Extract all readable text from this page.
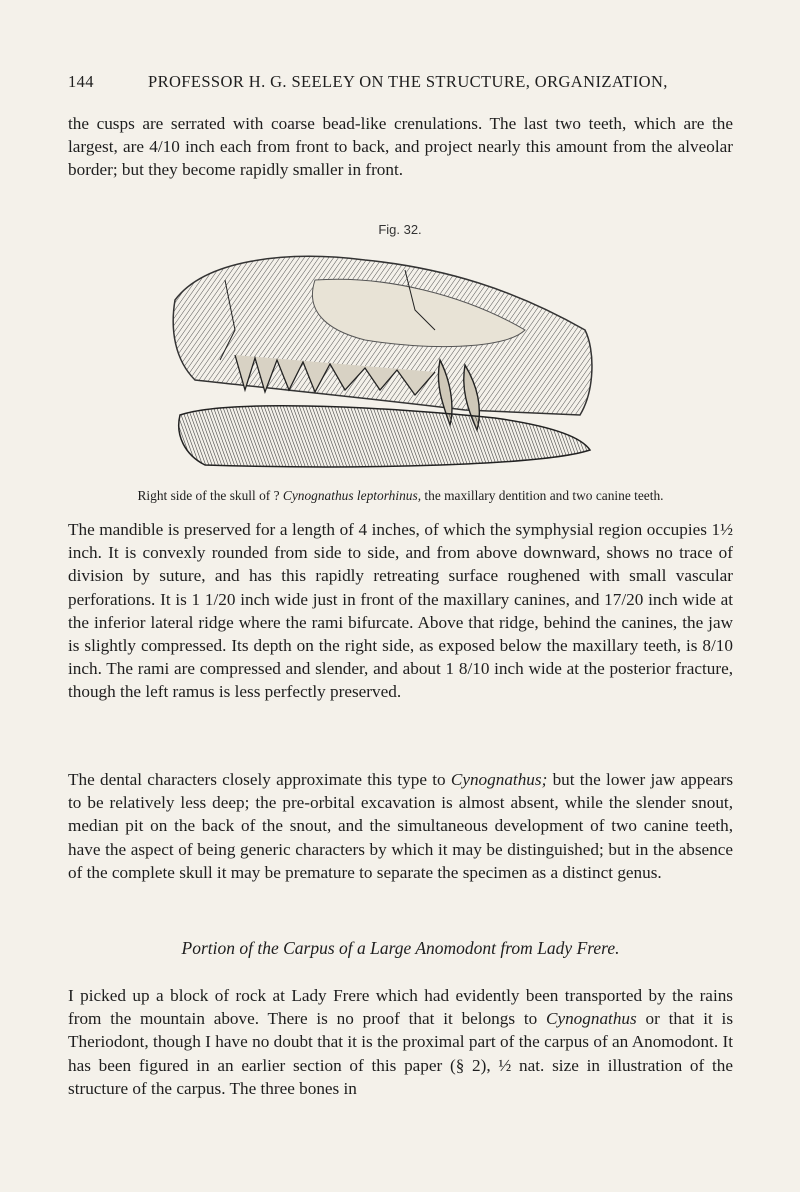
144	PROFESSOR H. G. SEELEY ON THE STRUCTURE, ORGANIZATION,

the cusps are serrated with coarse bead-like crenulations. The last two teeth, which are the largest, are 4/10 inch each from front to back, and project nearly this amount from the alveolar border; but they become rapidly smaller in front.

Fig. 32.
Right side of the skull of ? Cynognathus leptorhinus, the maxillary dentition and two canine teeth.

The mandible is preserved for a length of 4 inches, of which the symphysial region occupies 1½ inch. It is convexly rounded from side to side, and from above downward, shows no trace of division by suture, and has this rapidly retreating surface roughened with small vascular perforations. It is 1 1/20 inch wide just in front of the maxillary canines, and 17/20 inch wide at the inferior lateral ridge where the rami bifurcate. Above that ridge, behind the canines, the jaw is slightly compressed. Its depth on the right side, as exposed below the maxillary teeth, is 8/10 inch. The rami are compressed and slender, and about 1 8/10 inch wide at the posterior fracture, though the left ramus is less perfectly preserved.

The dental characters closely approximate this type to Cynognathus; but the lower jaw appears to be relatively less deep; the pre-orbital excavation is almost absent, while the slender snout, median pit on the back of the snout, and the simultaneous development of two canine teeth, have the aspect of being generic characters by which it may be distinguished; but in the absence of the complete skull it may be premature to separate the specimen as a distinct genus.

Portion of the Carpus of a Large Anomodont from Lady Frere.

I picked up a block of rock at Lady Frere which had evidently been transported by the rains from the mountain above. There is no proof that it belongs to Cynognathus or that it is Theriodont, though I have no doubt that it is the proximal part of the carpus of an Anomodont. It has been figured in an earlier section of this paper (§ 2), ½ nat. size in illustration of the structure of the carpus. The three bones in
